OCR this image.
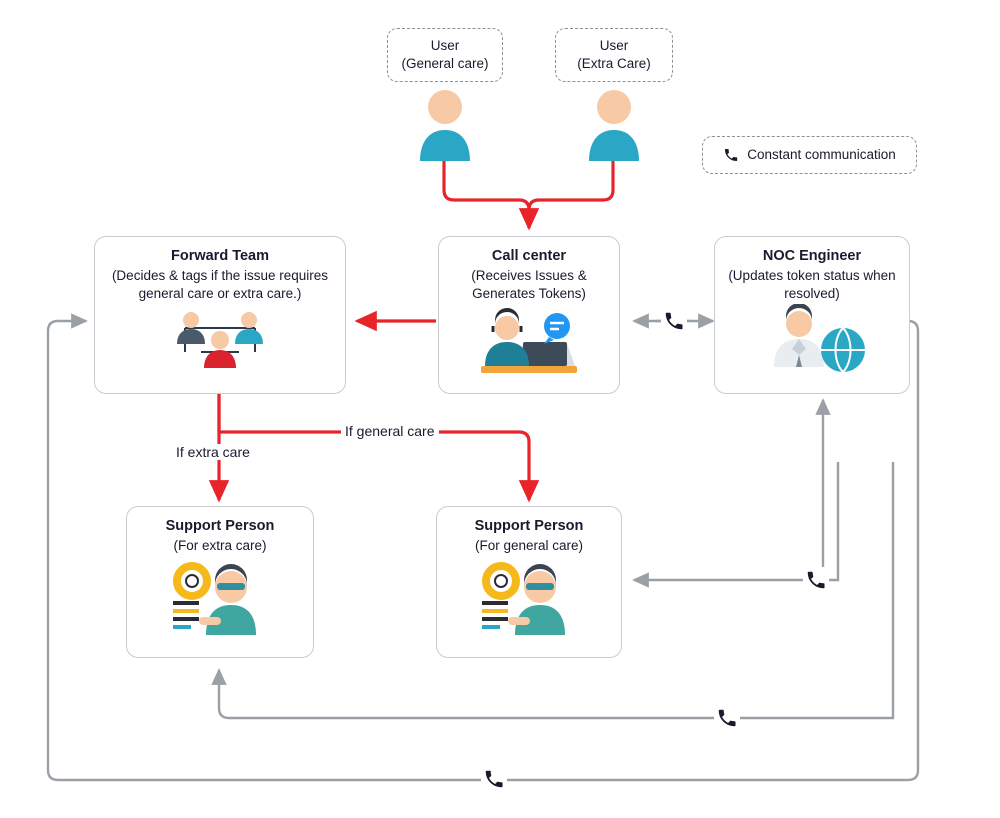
User
(General care)
User
(Extra Care)
Constant communication
Forward Team
(Decides & tags if the issue requires general care or extra care.)
Call center
(Receives Issues & Generates Tokens)
NOC Engineer
(Updates token status when resolved)
Support Person
(For extra care)
Support Person
(For general care)
If extra care
If general care
